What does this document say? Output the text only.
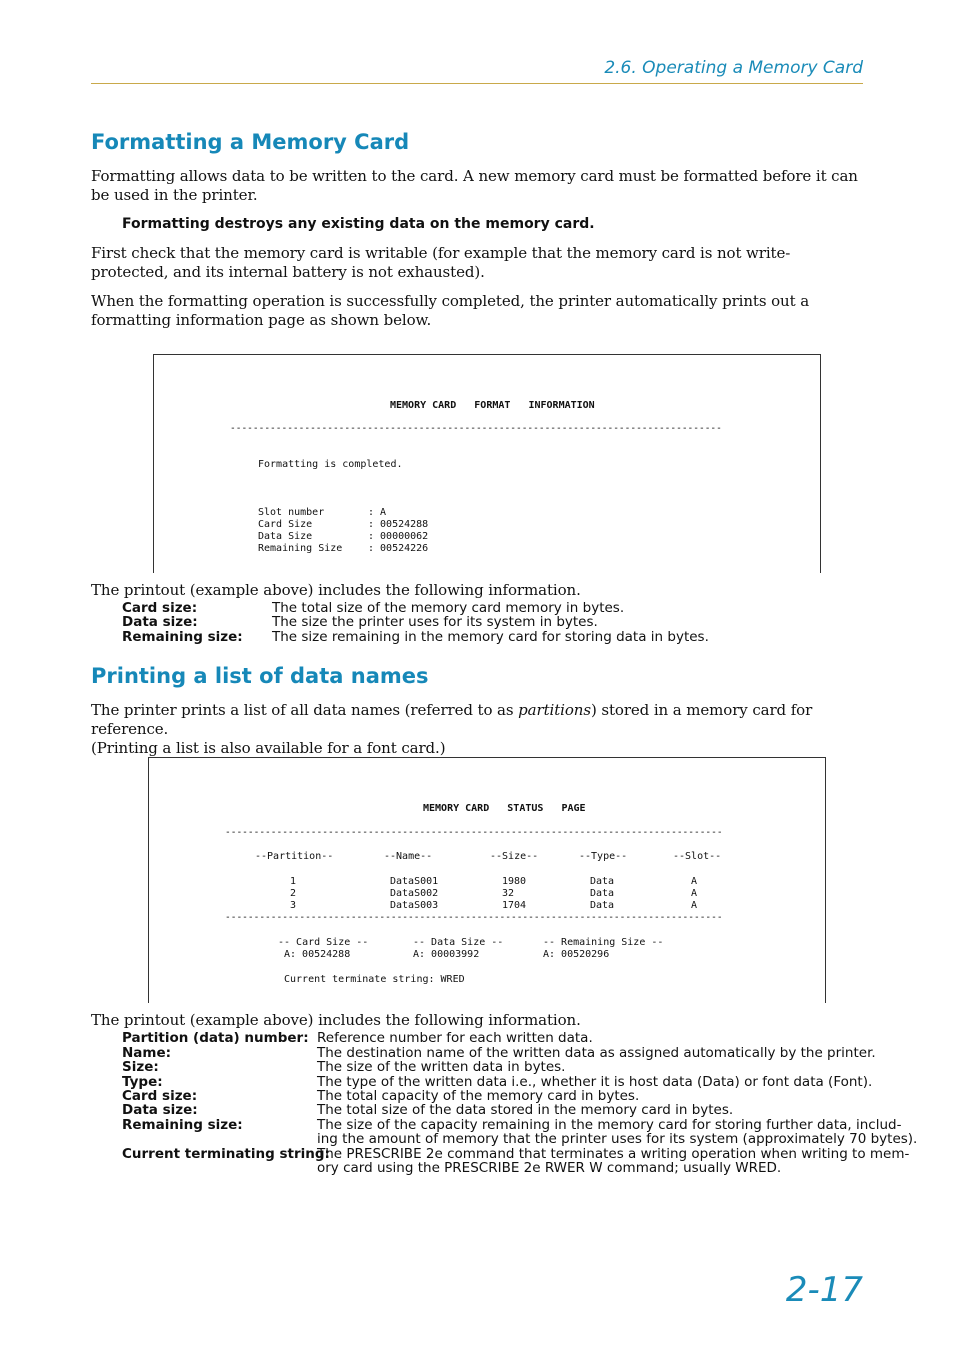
2.6. Operating a Memory Card
Formatting a Memory Card
Formatting allows data to be written to the card. A new memory card must be formatted before it can be used in the printer.
Formatting destroys any existing data on the memory card.
First check that the memory card is writable (for example that the memory card is not write-protected, and its internal battery is not exhausted).
When the formatting operation is successfully completed, the printer automatically prints out a formatting information page as shown below.
MEMORY CARD   FORMAT   INFORMATION
--------------------------------------------------------------------------------------
Formatting is completed.
Slot number	: A
Card Size	: 00524288
Data Size	: 00000062
Remaining Size	: 00524226
The printout (example above) includes the following information.
Card size:	The total size of the memory card memory in bytes.
Data size:	The size the printer uses for its system in bytes.
Remaining size: The size remaining in the memory card for storing data in bytes.
Printing a list of data names
The printer prints a list of all data names (referred to as partitions) stored in a memory card for reference.
(Printing a list is also available for a font card.)
MEMORY CARD   STATUS   PAGE
---------------------------------------------------------------------------------------
--Partition--	--Name--	--Size--	--Type--	--Slot--
1	DataS001	1980	Data	A
2	DataS002	32	Data	A
3	DataS003	1704	Data	A
---------------------------------------------------------------------------------------
-- Card Size --	-- Data Size --	-- Remaining Size --
A: 00524288	A: 00003992	A: 00520296
Current terminate string: WRED
The printout (example above) includes the following information.
Partition (data) number: Reference number for each written data.
Name:	The destination name of the written data as assigned automatically by the printer.
Size:	The size of the written data in bytes.
Type:	The type of the written data i.e., whether it is host data (Data) or font data (Font).
Card size:	The total capacity of the memory card in bytes.
Data size:	The total size of the data stored in the memory card in bytes.
Remaining size:	The size of the capacity remaining in the memory card for storing further data, includ-
ing the amount of memory that the printer uses for its system (approximately 70 bytes).
Current terminating string:
The PRESCRIBE 2e command that terminates a writing operation when writing to mem-
ory card using the PRESCRIBE 2e RWER W command; usually WRED.
2-17
